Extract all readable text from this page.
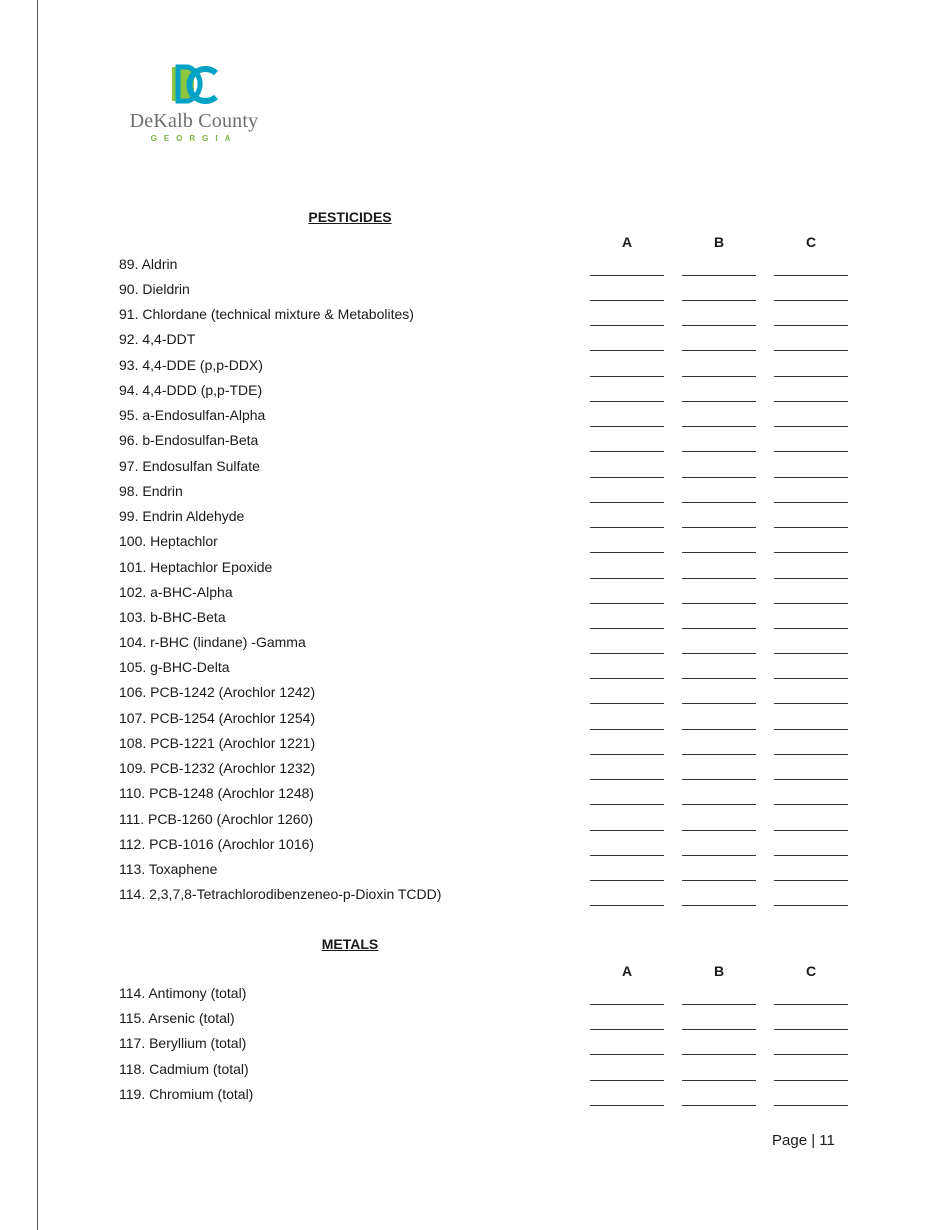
DeKalb County
GEORGIA
PESTICIDES
A	B	C
89. Aldrin
90. Dieldrin
91. Chlordane (technical mixture & Metabolites)
92. 4,4-DDT
93. 4,4-DDE (p,p-DDX)
94. 4,4-DDD (p,p-TDE)
95. a-Endosulfan-Alpha
96. b-Endosulfan-Beta
97. Endosulfan Sulfate
98. Endrin
99. Endrin Aldehyde
100. Heptachlor
101. Heptachlor Epoxide
102. a-BHC-Alpha
103. b-BHC-Beta
104. r-BHC (lindane) -Gamma
105. g-BHC-Delta
106. PCB-1242 (Arochlor 1242)
107. PCB-1254 (Arochlor 1254)
108. PCB-1221 (Arochlor 1221)
109. PCB-1232 (Arochlor 1232)
110. PCB-1248 (Arochlor 1248)
111. PCB-1260 (Arochlor 1260)
112. PCB-1016 (Arochlor 1016)
113. Toxaphene
114. 2,3,7,8-Tetrachlorodibenzeneo-p-Dioxin TCDD)
METALS
A	B	C
114. Antimony (total)
115. Arsenic (total)
117. Beryllium (total)
118. Cadmium (total)
119. Chromium (total)
Page | 11
